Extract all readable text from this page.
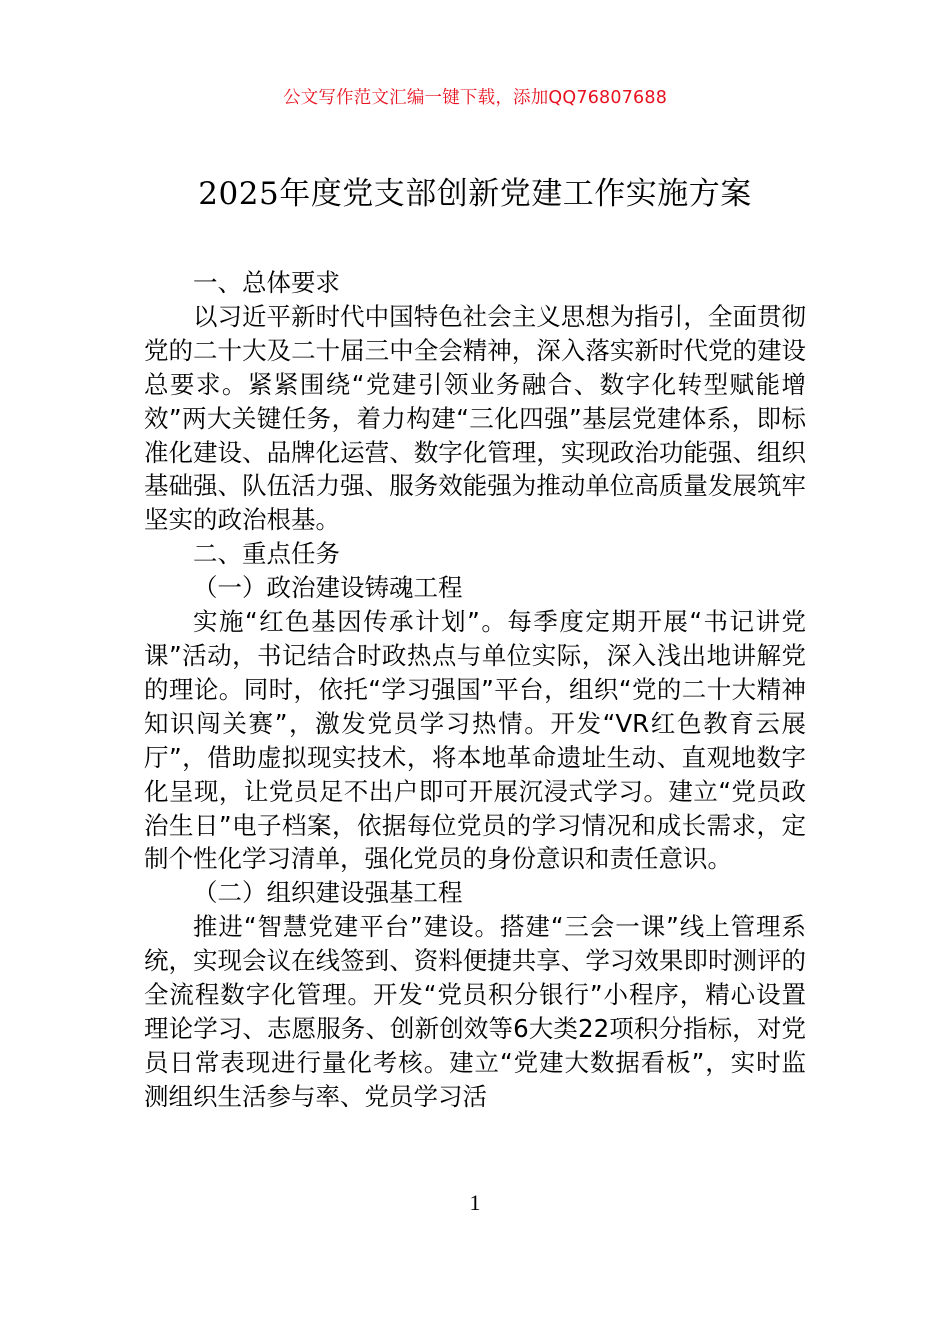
公文写作范文汇编一键下载，添加QQ76807688
2025年度党支部创新党建工作实施方案

一、总体要求

以习近平新时代中国特色社会主义思想为指引，全面贯彻党的二十大及二十届三中全会精神，深入落实新时代党的建设总要求。紧紧围绕“党建引领业务融合、数字化转型赋能增效”两大关键任务，着力构建“三化四强”基层党建体系，即标准化建设、品牌化运营、数字化管理，实现政治功能强、组织基础强、队伍活力强、服务效能强为推动单位高质量发展筑牢坚实的政治根基。

二、重点任务

（一）政治建设铸魂工程

实施“红色基因传承计划”。每季度定期开展“书记讲党课”活动，书记结合时政热点与单位实际，深入浅出地讲解党的理论。同时，依托“学习强国”平台，组织“党的二十大精神知识闯关赛”，激发党员学习热情。开发“VR红色教育云展厅”，借助虚拟现实技术，将本地革命遗址生动、直观地数字化呈现，让党员足不出户即可开展沉浸式学习。建立“党员政治生日”电子档案，依据每位党员的学习情况和成长需求，定制个性化学习清单，强化党员的身份意识和责任意识。

（二）组织建设强基工程

推进“智慧党建平台”建设。搭建“三会一课”线上管理系统，实现会议在线签到、资料便捷共享、学习效果即时测评的全流程数字化管理。开发“党员积分银行”小程序，精心设置理论学习、志愿服务、创新创效等6大类22项积分指标，对党员日常表现进行量化考核。建立“党建大数据看板”，实时监测组织生活参与率、党员学习活

1
